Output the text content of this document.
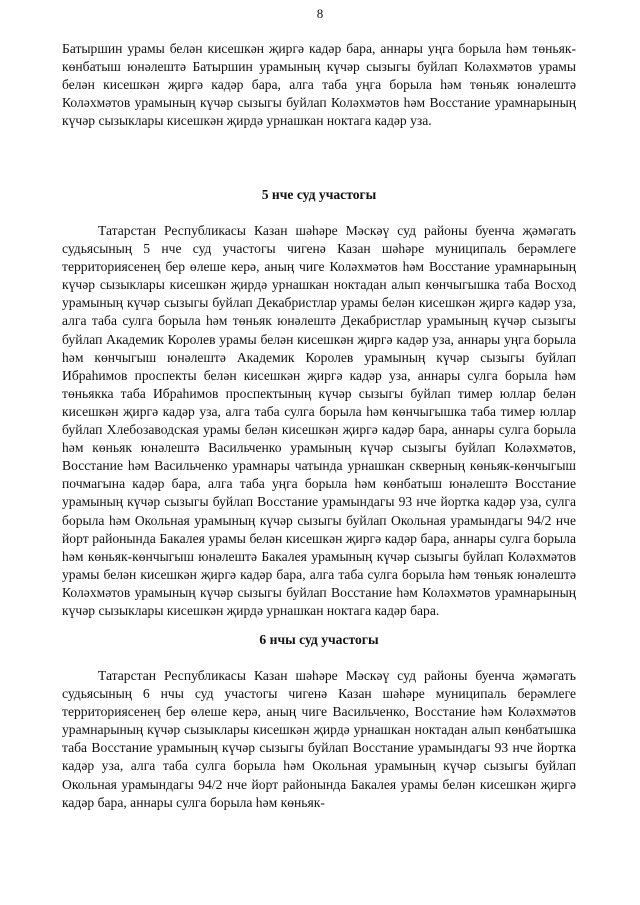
8

Батыршин урамы белән кисешкән җиргә кадәр бара, аннары уңга борыла һәм төньяк-көнбатыш юнәлештә Батыршин урамының күчәр сызыгы буйлап Коләхмәтов урамы белән кисешкән җиргә кадәр бара, алга таба уңга борыла һәм төньяк юнәлештә Коләхмәтов урамының күчәр сызыгы буйлап Коләхмәтов һәм Восстание урамнарының күчәр сызыклары кисешкән җирдә урнашкан ноктага кадәр уза.

5 нче суд участогы

Татарстан Республикасы Казан шәһәре Мәскәү суд районы буенча җәмәгать судьясының 5 нче суд участогы чигенә Казан шәһәре муниципаль берәмлеге территориясенең бер өлеше керә, аның чиге Коләхмәтов һәм Восстание урамнарының күчәр сызыклары кисешкән җирдә урнашкан ноктадан алып көнчыгышка таба Восход урамының күчәр сызыгы буйлап Декабристлар урамы белән кисешкән җиргә кадәр уза, алга таба сулга борыла һәм төньяк юнәлештә Декабристлар урамының күчәр сызыгы буйлап Академик Королев урамы белән кисешкән җиргә кадәр уза, аннары уңга борыла һәм көнчыгыш юнәлештә Академик Королев урамының күчәр сызыгы буйлап Ибраһимов проспекты белән кисешкән җиргә кадәр уза, аннары сулга борыла һәм төньякка таба Ибраһимов проспектының күчәр сызыгы буйлап тимер юллар белән кисешкән җиргә кадәр уза, алга таба сулга борыла һәм көнчыгышка таба тимер юллар буйлап Хлебозаводская урамы белән кисешкән җиргә кадәр бара, аннары сулга борыла һәм көньяк юнәлештә Васильченко урамының күчәр сызыгы буйлап Коләхмәтов, Восстание һәм Васильченко урамнары чатында урнашкан скверның көньяк-көнчыгыш почмагына кадәр бара, алга таба уңга борыла һәм көнбатыш юнәлештә Восстание урамының күчәр сызыгы буйлап Восстание урамындагы 93 нче йортка кадәр уза, сулга борыла һәм Окольная урамының күчәр сызыгы буйлап Окольная урамындагы 94/2 нче йорт районында Бакалея урамы белән кисешкән җиргә кадәр бара, аннары сулга борыла һәм көньяк-көнчыгыш юнәлештә Бакалея урамының күчәр сызыгы буйлап Коләхмәтов урамы белән кисешкән җиргә кадәр бара, алга таба сулга борыла һәм төньяк юнәлештә Коләхмәтов урамының күчәр сызыгы буйлап Восстание һәм Коләхмәтов урамнарының күчәр сызыклары кисешкән җирдә урнашкан ноктага кадәр бара.

6 нчы суд участогы

Татарстан Республикасы Казан шәһәре Мәскәү суд районы буенча җәмәгать судьясының 6 нчы суд участогы чигенә Казан шәһәре муниципаль берәмлеге территориясенең бер өлеше керә, аның чиге Васильченко, Восстание һәм Коләхмәтов урамнарының күчәр сызыклары кисешкән җирдә урнашкан ноктадан алып көнбатышка таба Восстание урамының күчәр сызыгы буйлап Восстание урамындагы 93 нче йортка кадәр уза, алга таба сулга борыла һәм Окольная урамының күчәр сызыгы буйлап Окольная урамындагы 94/2 нче йорт районында Бакалея урамы белән кисешкән җиргә кадәр бара, аннары сулга борыла һәм көньяк-
